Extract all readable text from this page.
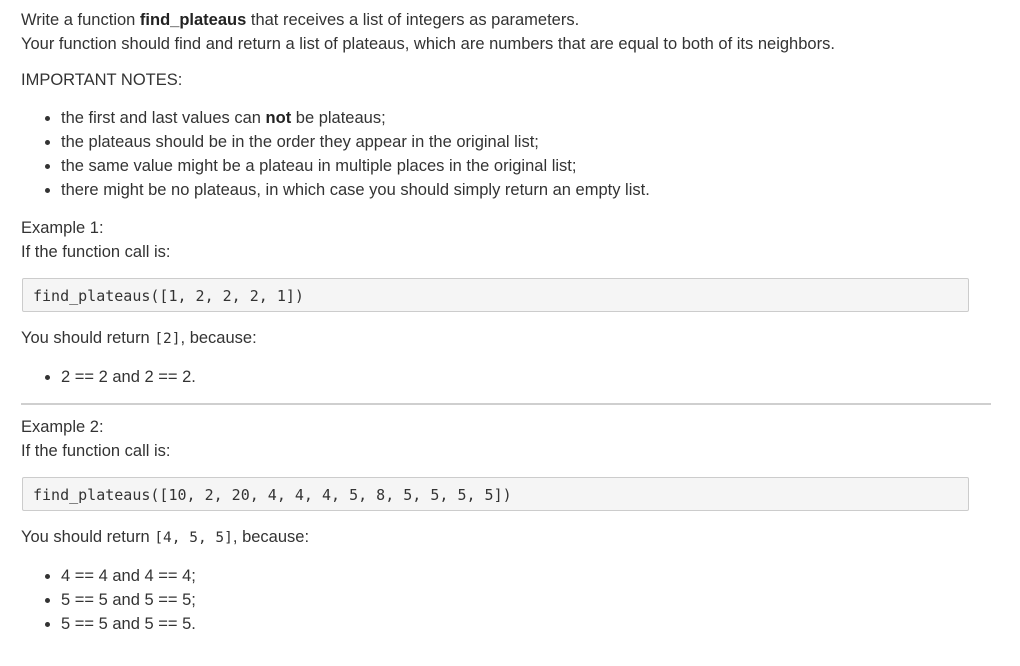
Write a function find_plateaus that receives a list of integers as parameters.

Your function should find and return a list of plateaus, which are numbers that are equal to both of its neighbors.

IMPORTANT NOTES:

• the first and last values can not be plateaus;
• the plateaus should be in the order they appear in the original list;
• the same value might be a plateau in multiple places in the original list;
• there might be no plateaus, in which case you should simply return an empty list.

Example 1:

If the function call is:

find_plateaus([1, 2, 2, 2, 1])

You should return [2], because:

• 2 == 2 and 2 == 2.

Example 2:

If the function call is:

find_plateaus([10, 2, 20, 4, 4, 4, 5, 8, 5, 5, 5, 5])

You should return [4, 5, 5], because:

• 4 == 4 and 4 == 4;
• 5 == 5 and 5 == 5;
• 5 == 5 and 5 == 5.
